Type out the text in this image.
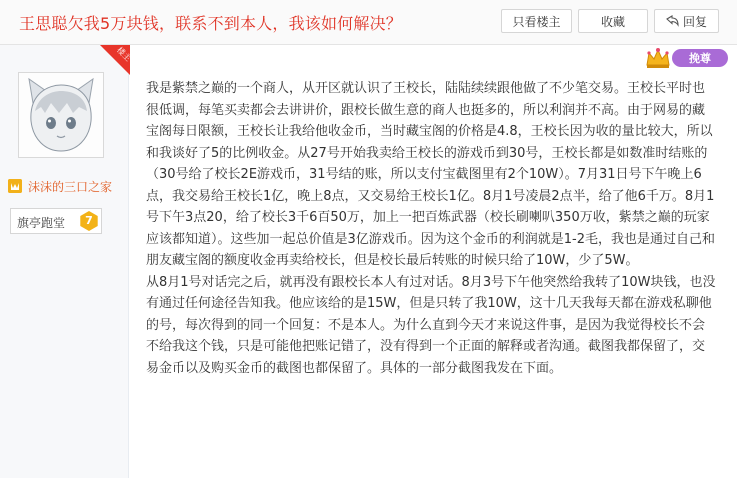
王思聪欠我5万块钱，联系不到本人，我该如何解决？	只看楼主	收藏	回复
楼主
沫沫的三口之家
旗亭跑堂	7
挽尊

我是紫禁之巅的一个商人，从开区就认识了王校长，陆陆续续跟他做了不少笔交易。王校长平时也很低调，每笔买卖都会去讲讲价，跟校长做生意的商人也挺多的，所以利润并不高。由于网易的藏宝阁每日限额，王校长让我给他收金币，当时藏宝阁的价格是4.8，王校长因为收的量比较大，所以和我谈好了5的比例收金。从27号开始我卖给王校长的游戏币到30号，王校长都是如数准时结账的（30号给了校长2E游戏币，31号结的账，所以支付宝截图里有2个10W）。7月31日号下午晚上6点，我交易给王校长1亿，晚上8点，又交易给王校长1亿。8月1号凌晨2点半，给了他6千万。8月1号下午3点20，给了校长3千6百50万，加上一把百炼武器（校长刷喇叭350万收，紫禁之巅的玩家应该都知道）。这些加一起总价值是3亿游戏币。因为这个金币的利润就是1-2毛，我也是通过自己和朋友藏宝阁的额度收金再卖给校长，但是校长最后转账的时候只给了10W，少了5W。

从8月1号对话完之后，就再没有跟校长本人有过对话。8月3号下午他突然给我转了10W块钱，也没有通过任何途径告知我。他应该给的是15W，但是只转了我10W，这十几天我每天都在游戏私聊他的号，每次得到的同一个回复：不是本人。为什么直到今天才来说这件事，是因为我觉得校长不会不给我这个钱，只是可能他把账记错了，没有得到一个正面的解释或者沟通。截图我都保留了，交易金币以及购买金币的截图也都保留了。具体的一部分截图我发在下面。
